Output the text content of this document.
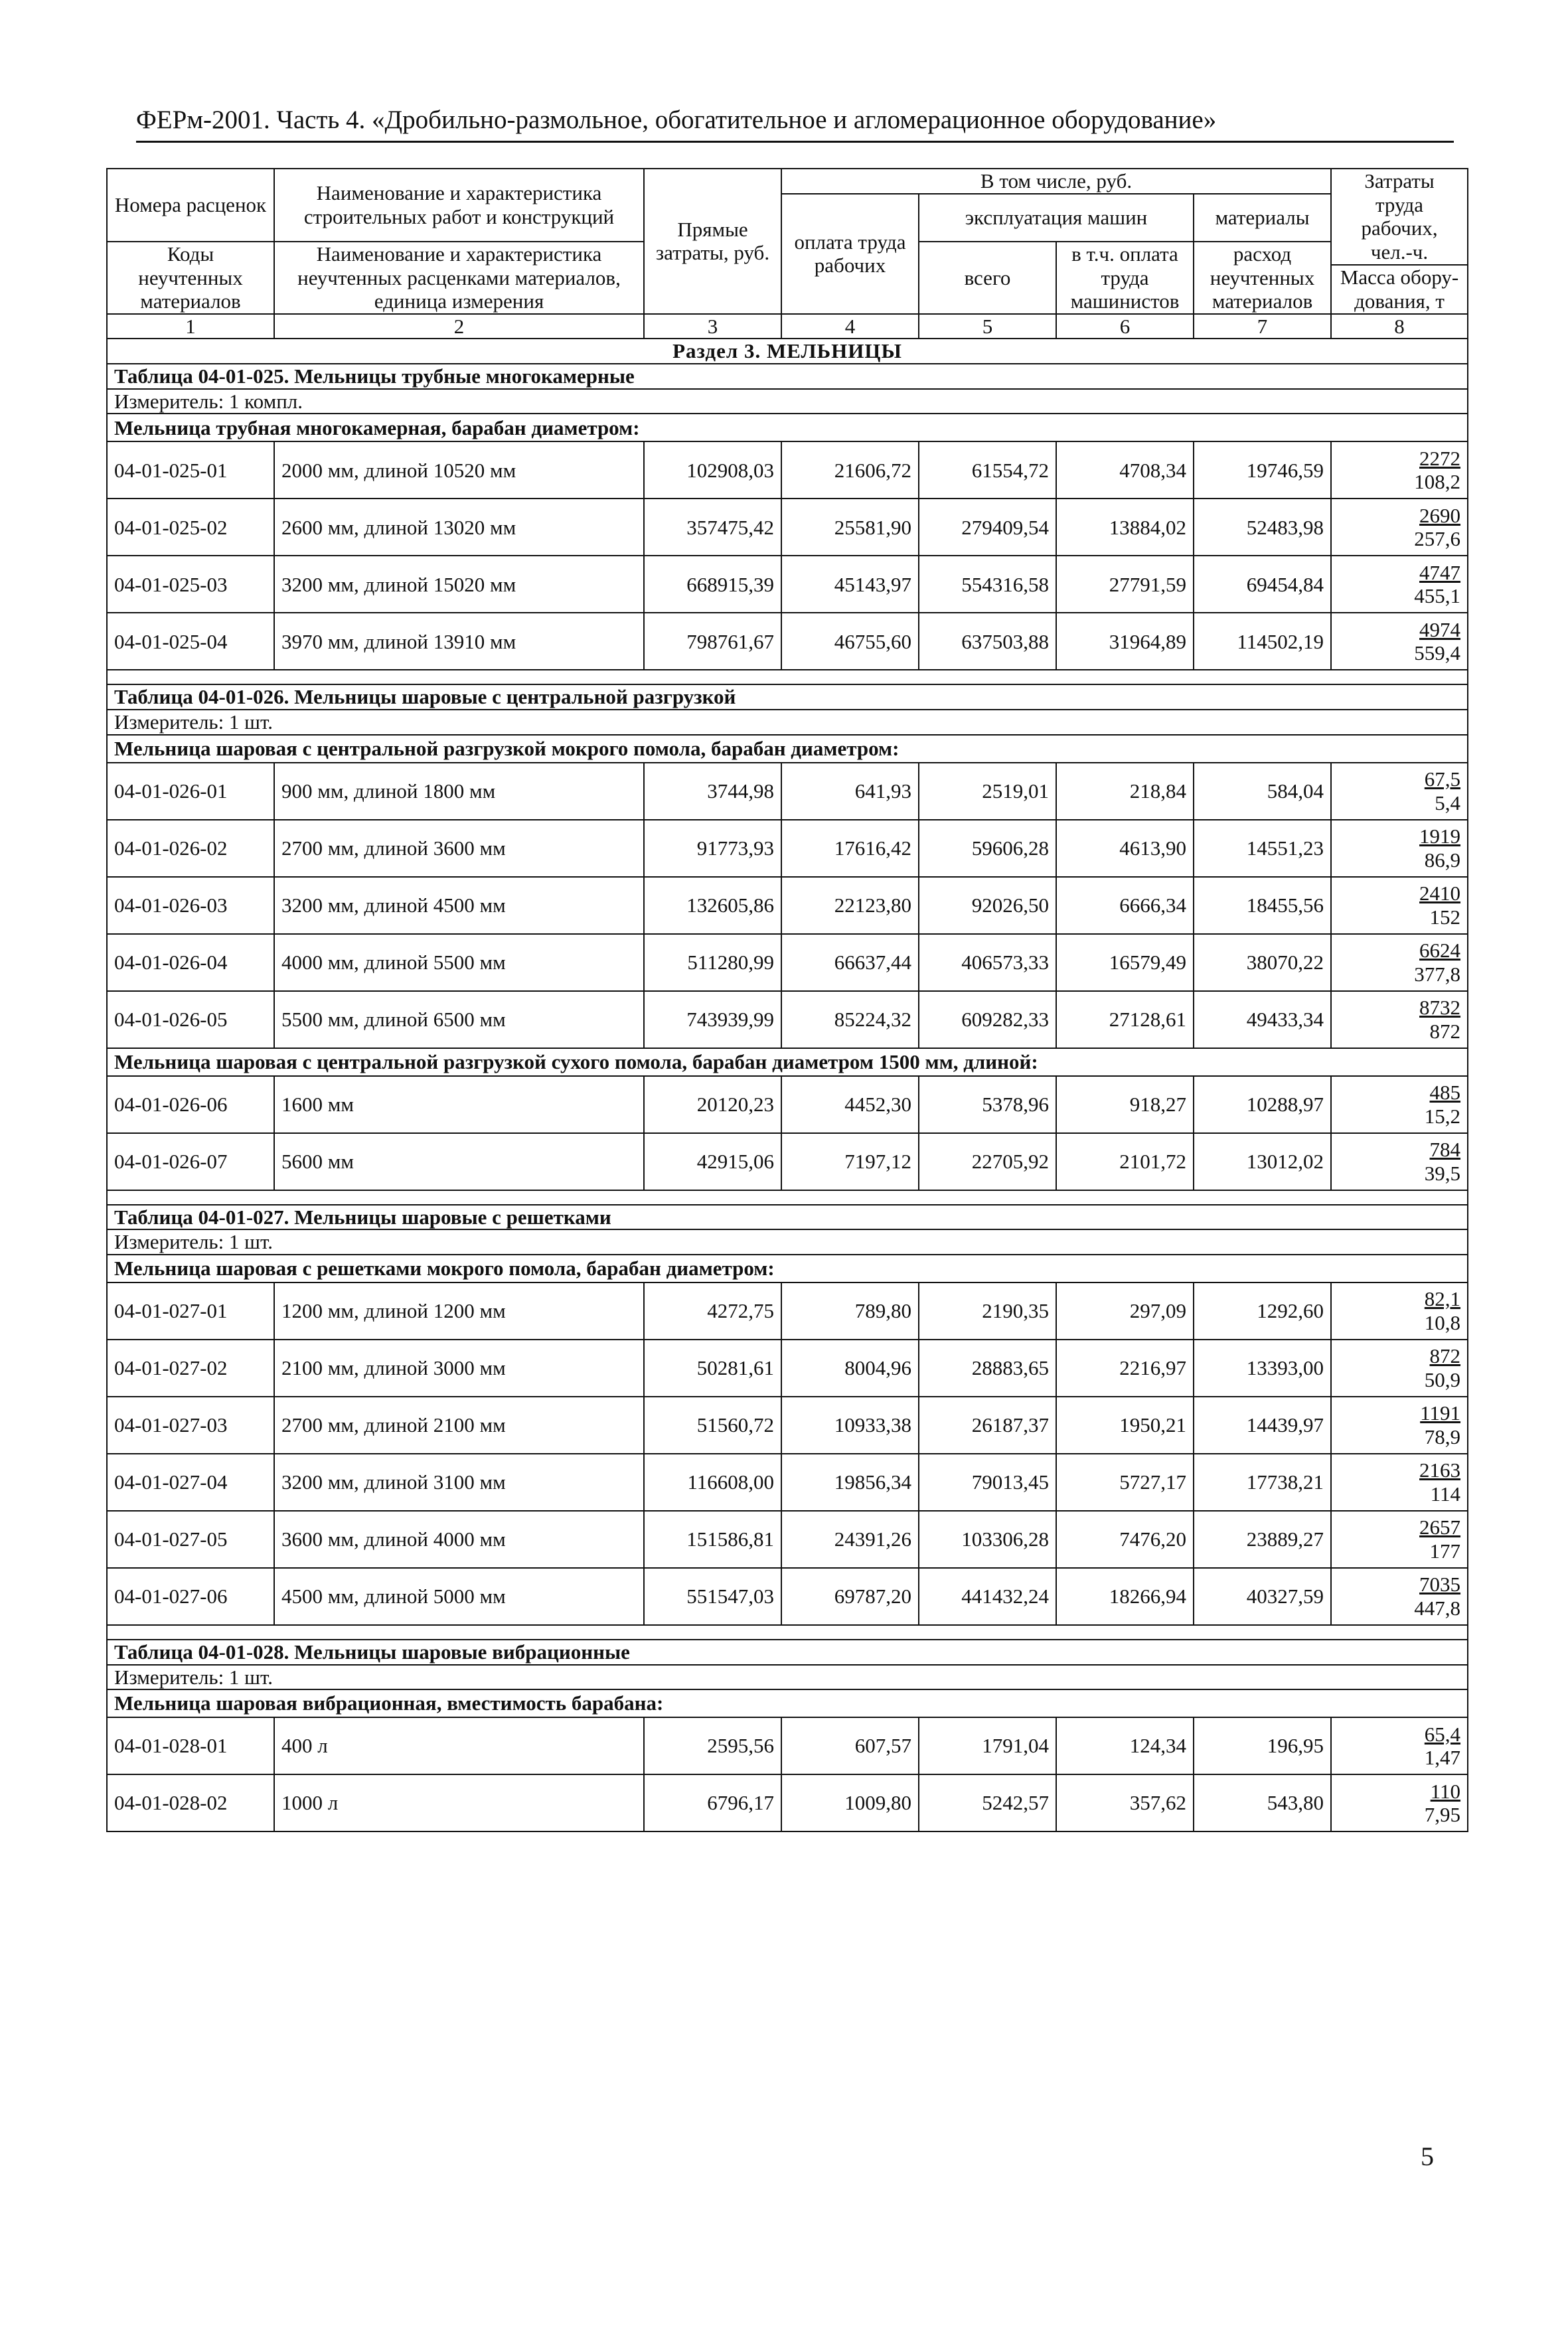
ФЕРм-2001. Часть 4. «Дробильно-размольное, обогатительное и агломерационное оборудование»
Номера расценок	Наименование и характеристика строительных работ и конструкций	Прямые затраты, руб.	В том числе, руб.				Затраты труда рабочих, чел.-ч.
			оплата труда рабочих	эксплуатация машин		материалы	
Коды неучтенных материалов	Наименование и характеристика неучтенных расценками материалов, единица измерения			всего	в т.ч. оплата труда машинистов	расход неучтенных материалов	
							Масса обору-дования, т
1	2	3	4	5	6	7	8
Раздел 3. МЕЛЬНИЦЫ							
Таблица 04-01-025. Мельницы трубные многокамерные							
Измеритель: 1 компл.							
Мельница трубная многокамерная, барабан диаметром:							
04-01-025-01	2000 мм, длиной 10520 мм	102908,03	21606,72	61554,72	4708,34	19746,59	2272
108,2

04-01-025-02	2600 мм, длиной 13020 мм	357475,42	25581,90	279409,54	13884,02	52483,98	2690
257,6

04-01-025-03	3200 мм, длиной 15020 мм	668915,39	45143,97	554316,58	27791,59	69454,84	4747
455,1

04-01-025-04	3970 мм, длиной 13910 мм	798761,67	46755,60	637503,88	31964,89	114502,19	4974
559,4

Таблица 04-01-026. Мельницы шаровые с центральной разгрузкой							
Измеритель: 1 шт.							
Мельница шаровая с центральной разгрузкой мокрого помола, барабан диаметром:							
04-01-026-01	900 мм, длиной 1800 мм	3744,98	641,93	2519,01	218,84	584,04	67,5
5,4

04-01-026-02	2700 мм, длиной 3600 мм	91773,93	17616,42	59606,28	4613,90	14551,23	1919
86,9

04-01-026-03	3200 мм, длиной 4500 мм	132605,86	22123,80	92026,50	6666,34	18455,56	2410
152

04-01-026-04	4000 мм, длиной 5500 мм	511280,99	66637,44	406573,33	16579,49	38070,22	6624
377,8

04-01-026-05	5500 мм, длиной 6500 мм	743939,99	85224,32	609282,33	27128,61	49433,34	8732
872

Мельница шаровая с центральной разгрузкой сухого помола, барабан диаметром 1500 мм, длиной:							
04-01-026-06	1600 мм	20120,23	4452,30	5378,96	918,27	10288,97	485
15,2

04-01-026-07	5600 мм	42915,06	7197,12	22705,92	2101,72	13012,02	784
39,5

Таблица 04-01-027. Мельницы шаровые с решетками							
Измеритель: 1 шт.							
Мельница шаровая с решетками мокрого помола, барабан диаметром:							
04-01-027-01	1200 мм, длиной 1200 мм	4272,75	789,80	2190,35	297,09	1292,60	82,1
10,8

04-01-027-02	2100 мм, длиной 3000 мм	50281,61	8004,96	28883,65	2216,97	13393,00	872
50,9

04-01-027-03	2700 мм, длиной 2100 мм	51560,72	10933,38	26187,37	1950,21	14439,97	1191
78,9

04-01-027-04	3200 мм, длиной 3100 мм	116608,00	19856,34	79013,45	5727,17	17738,21	2163
114

04-01-027-05	3600 мм, длиной 4000 мм	151586,81	24391,26	103306,28	7476,20	23889,27	2657
177

04-01-027-06	4500 мм, длиной 5000 мм	551547,03	69787,20	441432,24	18266,94	40327,59	7035
447,8

Таблица 04-01-028. Мельницы шаровые вибрационные							
Измеритель: 1 шт.							
Мельница шаровая вибрационная, вместимость барабана:							
04-01-028-01	400 л	2595,56	607,57	1791,04	124,34	196,95	65,4
1,47

04-01-028-02	1000 л	6796,17	1009,80	5242,57	357,62	543,80	110
7,95
5
